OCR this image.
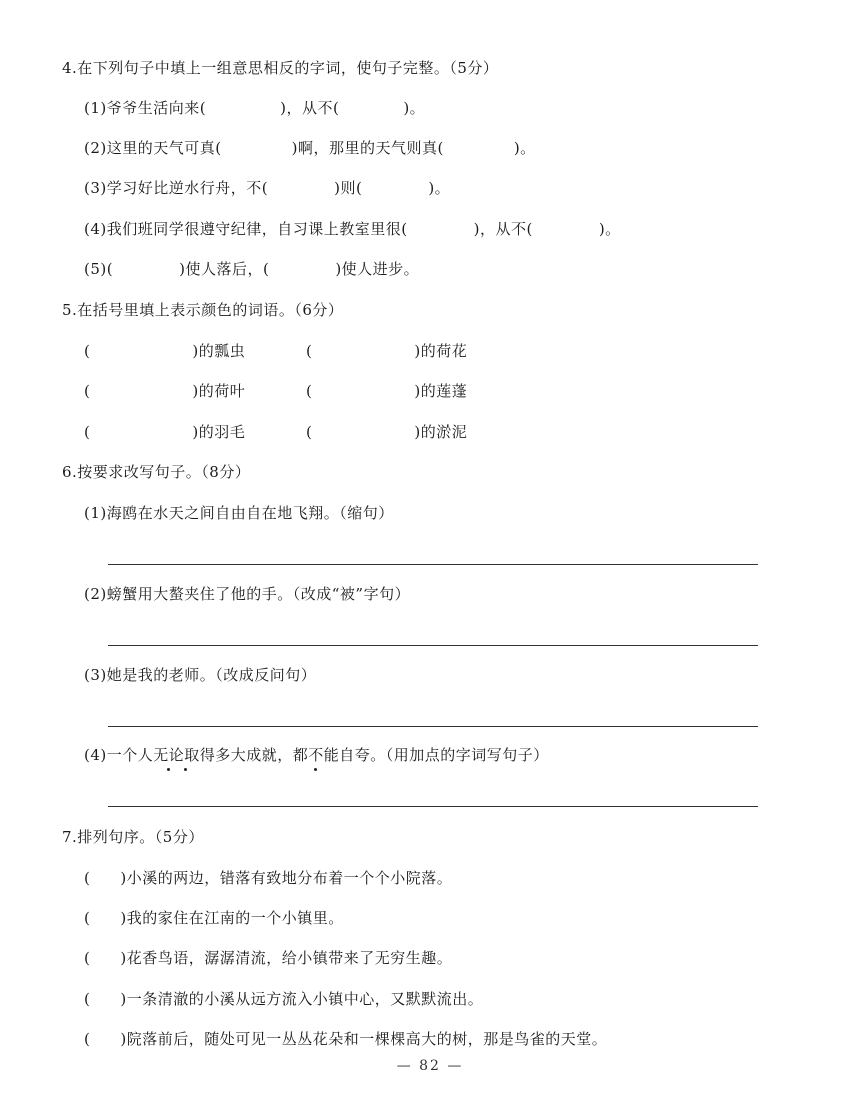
4.在下列句子中填上一组意思相反的字词，使句子完整。（5分）
(1)爷爷生活向来(	)，从不(	)。
(2)这里的天气可真(	)啊，那里的天气则真(	)。
(3)学习好比逆水行舟，不(	)则(	)。
(4)我们班同学很遵守纪律，自习课上教室里很(	)，从不(	)。
(5)(	)使人落后，(	)使人进步。
5.在括号里填上表示颜色的词语。（6分）
(	)的瓢虫	(	)的荷花
(	)的荷叶	(	)的莲蓬
(	)的羽毛	(	)的淤泥
6.按要求改写句子。（8分）
(1)海鸥在水天之间自由自在地飞翔。（缩句）
(2)螃蟹用大螯夹住了他的手。（改成“被”字句）
(3)她是我的老师。（改成反问句）
(4)一个人无论取得多大成就，都不能自夸。（用加点的字词写句子）
7.排列句序。（5分）
( )小溪的两边，错落有致地分布着一个个小院落。
( )我的家住在江南的一个小镇里。
( )花香鸟语，潺潺清流，给小镇带来了无穷生趣。
( )一条清澈的小溪从远方流入小镇中心，又默默流出。
( )院落前后，随处可见一丛丛花朵和一棵棵高大的树，那是鸟雀的天堂。
— 82 —
